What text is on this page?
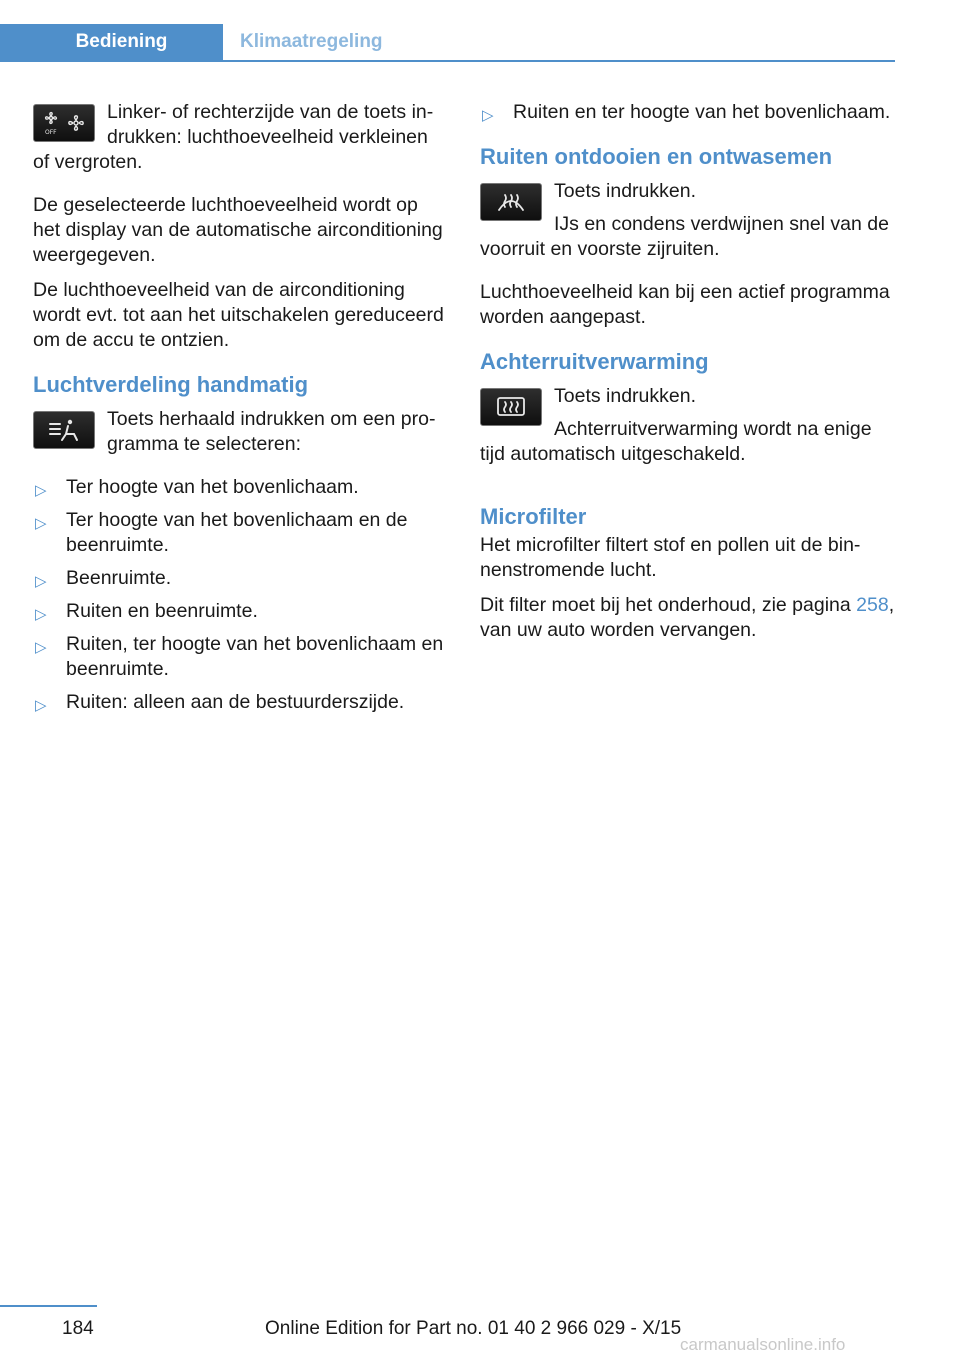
Bediening	Klimaatregeling
OFF

Linker- of rechterzijde van de toets indrukken: luchthoeveelheid verkleinen of vergroten.

De geselecteerde luchthoeveelheid wordt op het display van de automatische airconditioning weergegeven.

De luchthoeveelheid van de airconditioning wordt evt. tot aan het uitschakelen gereduceerd om de accu te ontzien.

Luchtverdeling handmatig

Toets herhaald indrukken om een programma te selecteren:

▷ Ter hoogte van het bovenlichaam.
▷ Ter hoogte van het bovenlichaam en de beenruimte.
▷ Beenruimte.
▷ Ruiten en beenruimte.
▷ Ruiten, ter hoogte van het bovenlichaam en beenruimte.
▷ Ruiten: alleen aan de bestuurderszijde.
▷ Ruiten en ter hoogte van het bovenlichaam.
Ruiten ontdooien en ontwasemen

Toets indrukken.

IJs en condens verdwijnen snel van de voorruit en voorste zijruiten.

Luchthoeveelheid kan bij een actief programma worden aangepast.

Achterruitverwarming

Toets indrukken.

Achterruitverwarming wordt na enige tijd automatisch uitgeschakeld.

Microfilter

Het microfilter filtert stof en pollen uit de binnenstromende lucht.

Dit filter moet bij het onderhoud, zie pagina 258, van uw auto worden vervangen.

184	Online Edition for Part no. 01 40 2 966 029 - X/15
carmanualsonline.info
